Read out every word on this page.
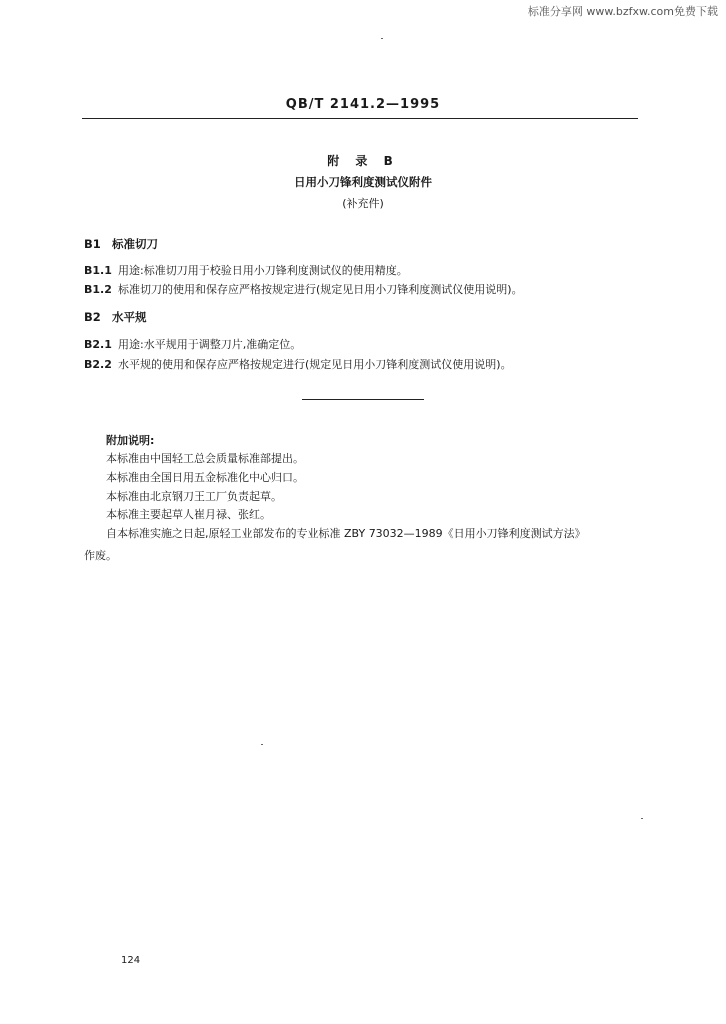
标准分享网 www.bzfxw.com免费下载
QB/T 2141.2—1995
附 录 B
日用小刀锋利度测试仪附件
(补充件)
B1 标准切刀
B1.1 用途:标准切刀用于校验日用小刀锋利度测试仪的使用精度。
B1.2 标准切刀的使用和保存应严格按规定进行(规定见日用小刀锋利度测试仪使用说明)。
B2 水平规
B2.1 用途:水平规用于调整刀片,准确定位。
B2.2 水平规的使用和保存应严格按规定进行(规定见日用小刀锋利度测试仪使用说明)。
附加说明:
本标准由中国轻工总会质量标准部提出。
本标准由全国日用五金标准化中心归口。
本标准由北京钢刀王工厂负责起草。
本标准主要起草人崔月禄、张红。
自本标准实施之日起,原轻工业部发布的专业标准 ZBY 73032—1989《日用小刀锋利度测试方法》
作废。
124
